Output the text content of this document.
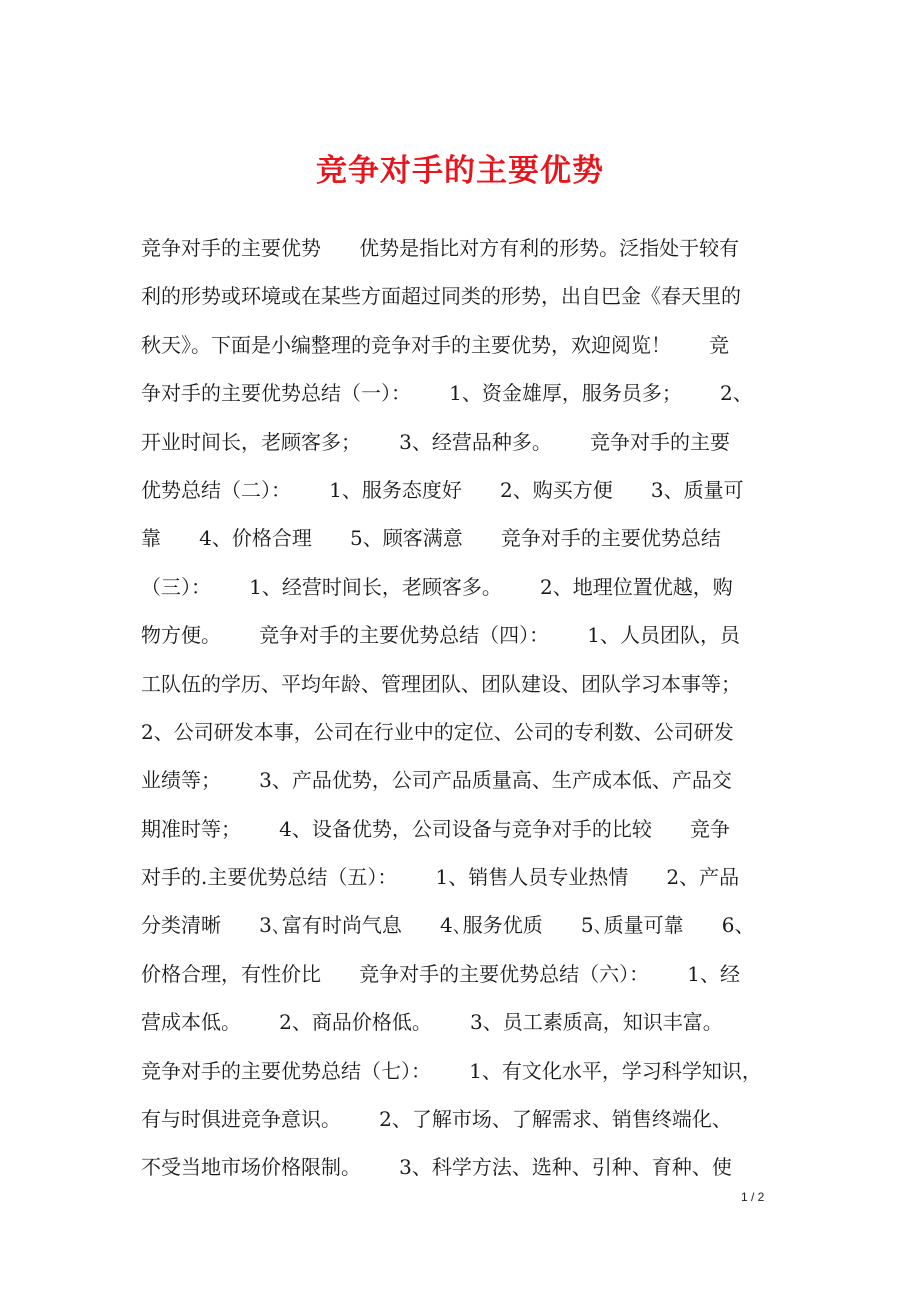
竞争对手的主要优势
竞争对手的主要优势      优势是指比对方有利的形势。泛指处于较有
利的形势或环境或在某些方面超过同类的形势，出自巴金《春天里的
秋天》。下面是小编整理的竞争对手的主要优势，欢迎阅览！      竞
争对手的主要优势总结（一）：      1、资金雄厚，服务员多；      2、
开业时间长，老顾客多；      3、经营品种多。      竞争对手的主要
优势总结（二）：      1、服务态度好      2、购买方便      3、质量可
靠      4、价格合理      5、顾客满意      竞争对手的主要优势总结
（三）：      1、经营时间长，老顾客多。      2、地理位置优越，购
物方便。      竞争对手的主要优势总结（四）：      1、人员团队，员
工队伍的学历、平均年龄、管理团队、团队建设、团队学习本事等；
2、公司研发本事，公司在行业中的定位、公司的专利数、公司研发
业绩等；      3、产品优势，公司产品质量高、生产成本低、产品交
期准时等；      4、设备优势，公司设备与竞争对手的比较      竞争
对手的.主要优势总结（五）：      1、销售人员专业热情      2、产品
分类清晰      3､富有时尚气息      4､服务优质      5､质量可靠      6、
价格合理，有性价比      竞争对手的主要优势总结（六）：      1、经
营成本低。      2、商品价格低。      3、员工素质高，知识丰富。
竞争对手的主要优势总结（七）：      1、有文化水平，学习科学知识，
有与时俱进竞争意识。      2、了解市场、了解需求、销售终端化、
不受当地市场价格限制。      3、科学方法、选种、引种、育种、使
1 / 2
